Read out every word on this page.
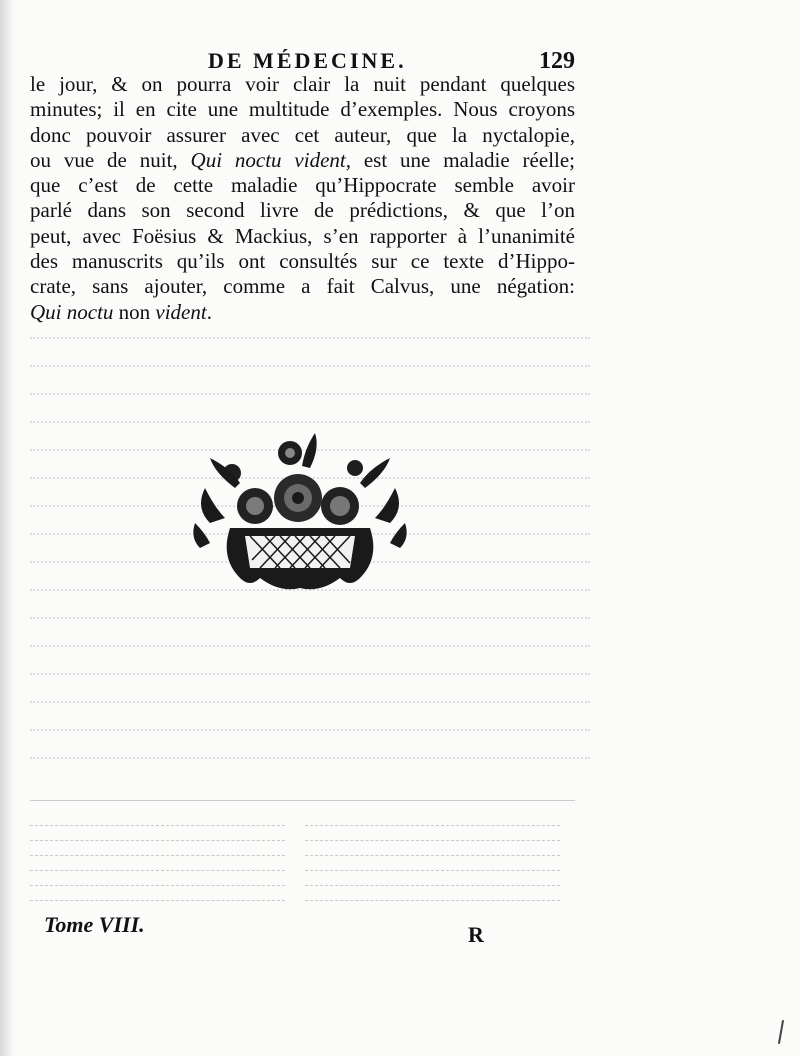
DE MÉDECINE.	129
le jour, & on pourra voir clair la nuit pendant quelques
minutes; il en cite une multitude d’exemples. Nous croyons
donc pouvoir assurer avec cet auteur, que la nyctalopie,
ou vue de nuit, Qui noctu vident, est une maladie réelle;
que c’est de cette maladie qu’Hippocrate semble avoir
parlé dans son second livre de prédictions, & que l’on
peut, avec Foësius & Mackius, s’en rapporter à l’unanimité
des manuscrits qu’ils ont consultés sur ce texte d’Hippo-
crate, sans ajouter, comme a fait Calvus, une négation:
Qui noctu non vident.
Tome VIII.	R
